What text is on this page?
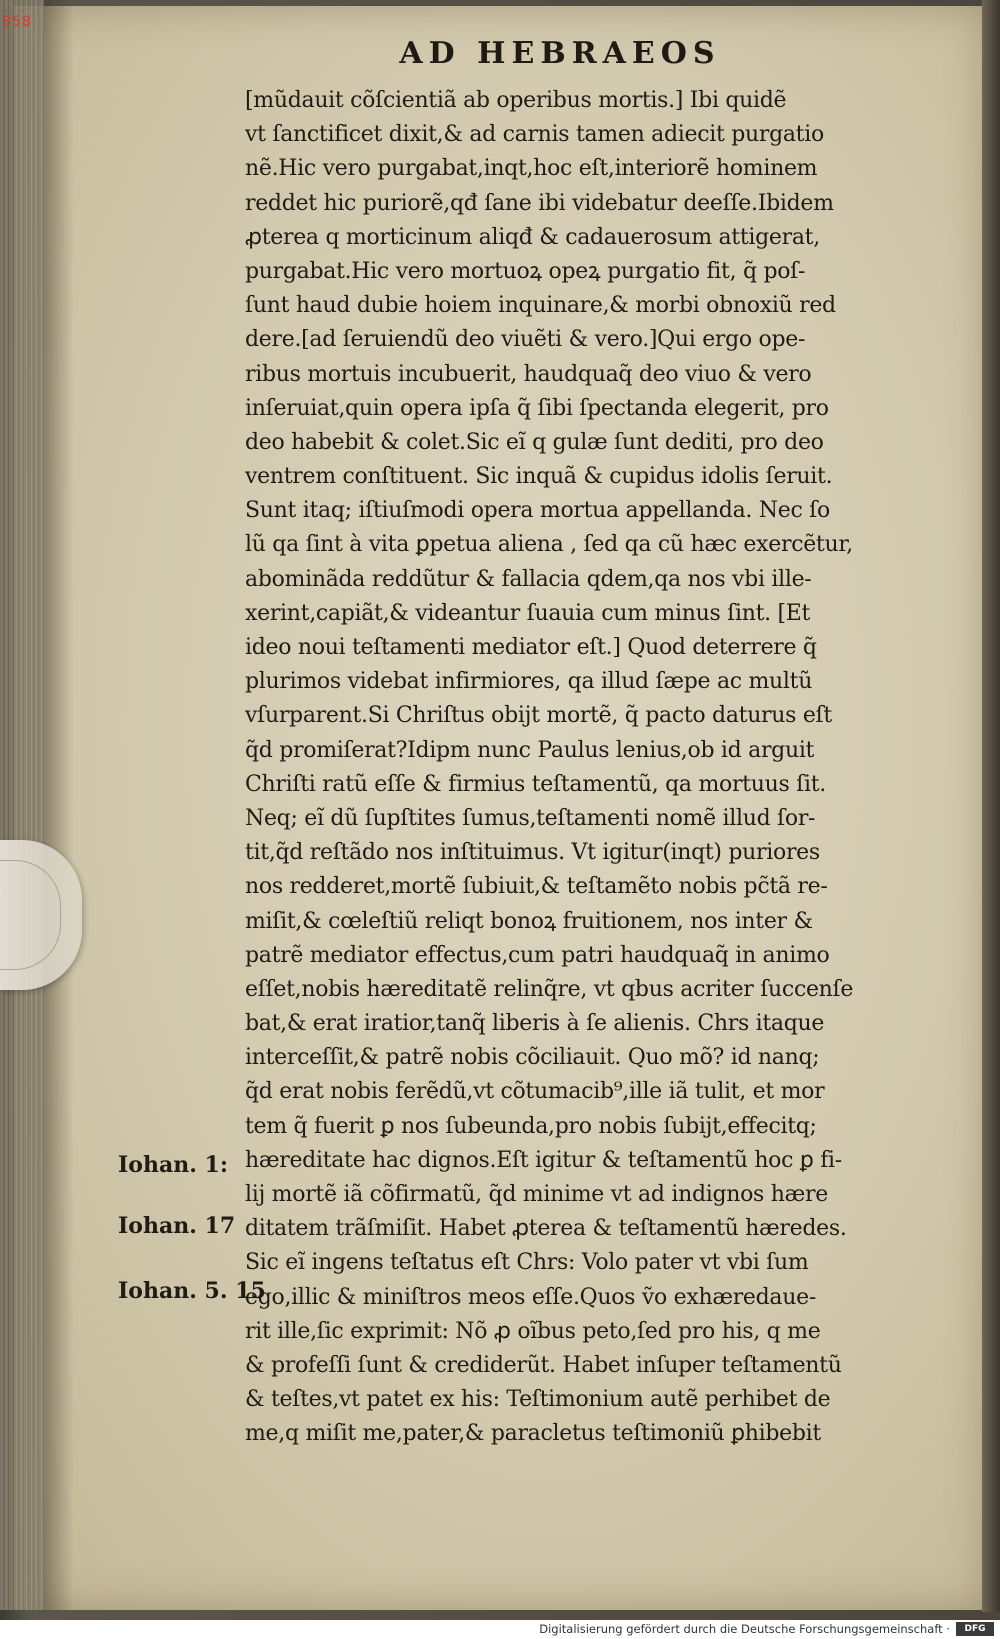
858
AD HEBRAEOS
[mũdauit cõſcientiã ab operibus mortis.] Ibi quidẽ
vt ſanctificet dixit,& ad carnis tamen adiecit purgatio
nẽ.Hic vero purgabat,inqt,hoc eſt,interiorẽ hominem
reddet hic puriorẽ,qđ ſane ibi videbatur deeſſe.Ibidem
ꝓterea q morticinum aliqđ & cadauerosum attigerat,
purgabat.Hic vero mortuoꝝ opeꝝ purgatio fit, q̃ poſ-
ſunt haud dubie hoiem inquinare,& morbi obnoxiũ red
dere.[ad ſeruiendũ deo viuẽti & vero.]Qui ergo ope-
ribus mortuis incubuerit, haudquaq̃ deo viuo & vero
inſeruiat,quin opera ipſa q̃ ſibi ſpectanda elegerit, pro
deo habebit & colet.Sic eĩ q gulæ ſunt dediti, pro deo
ventrem conſtituent. Sic inquã & cupidus idolis ſeruit.
Sunt itaq; iſtiuſmodi opera mortua appellanda. Nec ſo
lũ qa ſint à vita ꝑpetua aliena , ſed qa cũ hæc exercẽtur,
abominãda reddũtur & fallacia qdem,qa nos vbi ille-
xerint,capiãt,& videantur ſuauia cum minus ſint. [Et
ideo noui teſtamenti mediator eſt.] Quod deterrere q̃
plurimos videbat infirmiores, qa illud ſæpe ac multũ
vſurparent.Si Chriſtus obijt mortẽ, q̃ pacto daturus eſt
q̃d promiſerat?Idipm nunc Paulus lenius,ob id arguit
Chriſti ratũ eſſe & firmius teſtamentũ, qa mortuus ſit.
Neq; eĩ dũ ſupſtites ſumus,teſtamenti nomẽ illud ſor-
tit,q̃d reſtãdo nos inſtituimus. Vt igitur(inqt) puriores
nos redderet,mortẽ ſubiuit,& teſtamẽto nobis pc̃tã re-
miſit,& cœleſtiũ reliqt bonoꝝ fruitionem, nos inter &
patrẽ mediator effectus,cum patri haudquaq̃ in animo
eſſet,nobis hæreditatẽ relinq̃re, vt qbus acriter ſuccenſe
bat,& erat iratior,tanq̃ liberis à ſe alienis. Chrs itaque
interceſſit,& patrẽ nobis cõciliauit. Quo mõ? id nanq;
q̃d erat nobis ferẽdũ,vt cõtumacib⁹,ille iã tulit, et mor
tem q̃ fuerit ꝑ nos ſubeunda,pro nobis ſubijt,effecitq;
hæreditate hac dignos.Eſt igitur & teſtamentũ hoc ꝑ fi-
lij mortẽ iã cõfirmatũ, q̃d minime vt ad indignos hære
ditatem trãſmiſit. Habet ꝓterea & teſtamentũ hæredes.
Sic eĩ ingens teſtatus eſt Chrs: Volo pater vt vbi ſum
ego,illic & miniſtros meos eſſe.Quos ṽo exhæredaue-
rit ille,ſic exprimit: Nõ ꝓ oĩbus peto,ſed pro his, q me
& profeſſi ſunt & crediderũt. Habet inſuper teſtamentũ
& teſtes,vt patet ex his: Teſtimonium autẽ perhibet de
me,q miſit me,pater,& paracletus teſtimoniũ ꝑhibebit
Iohan. 1:
Iohan. 17
Iohan. 5. 15
Digitalisierung gefördert durch die Deutsche Forschungsgemeinschaft ·	DFG
